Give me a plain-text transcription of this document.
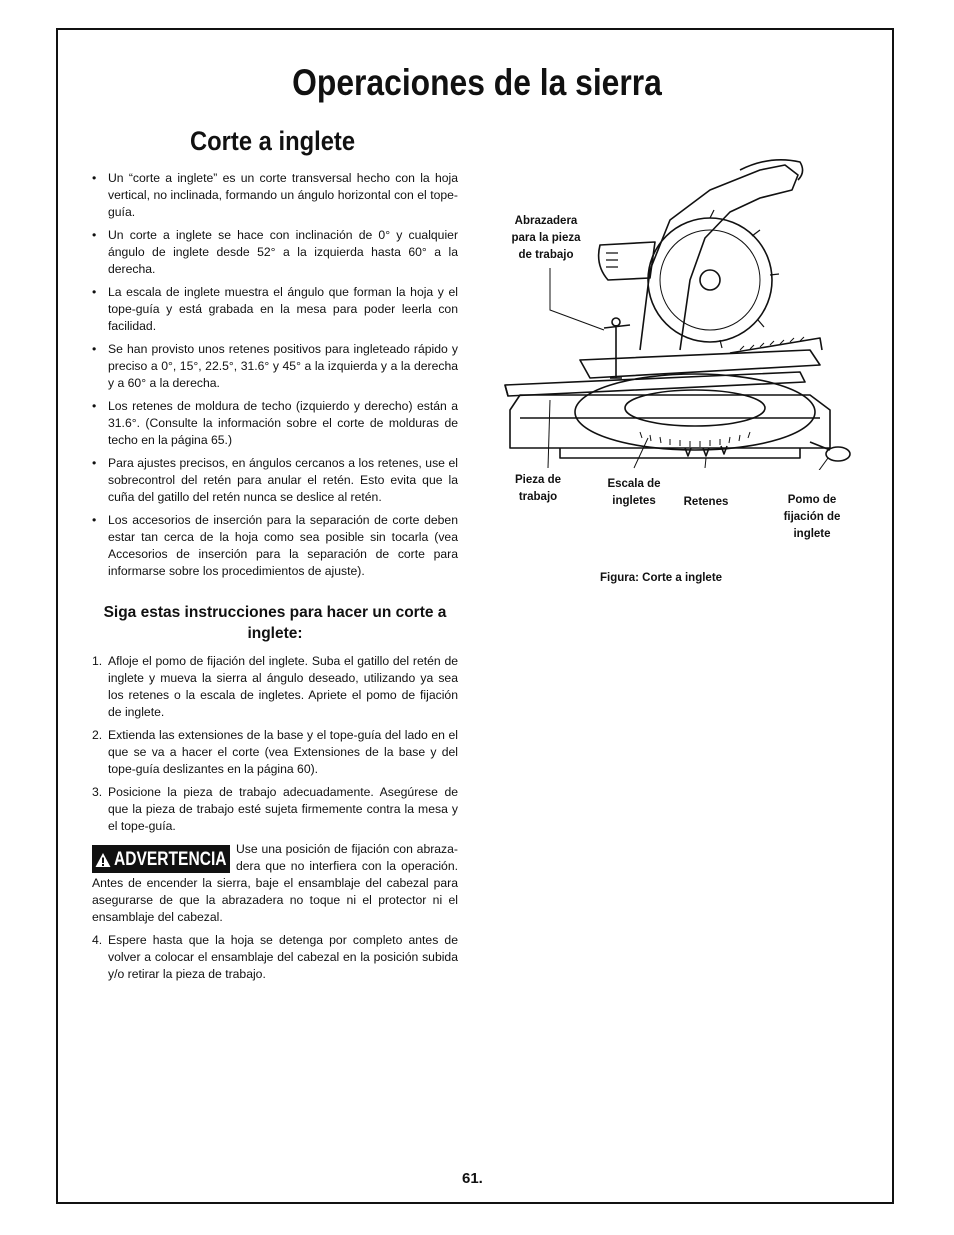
Operaciones de la sierra
Corte a inglete
• Un “corte a inglete” es un corte transversal hecho con la hoja vertical, no inclinada, formando un ángulo horizontal con el tope-guía.
• Un corte a inglete se hace con inclinación de 0° y cualquier ángulo de inglete desde 52° a la izquierda hasta 60° a la derecha.
• La escala de inglete muestra el ángulo que forman la hoja y el tope-guía y está grabada en la mesa para poder leerla con facilidad.
• Se han provisto unos retenes positivos para ingleteado rápido y preciso a 0°, 15°, 22.5°, 31.6° y 45° a la izquierda y a la derecha y a 60° a la derecha.
• Los retenes de moldura de techo (izquierdo y derecho) están a 31.6°. (Consulte la información sobre el corte de molduras de techo en la página 65.)
• Para ajustes precisos, en ángulos cercanos a los retenes, use el sobrecontrol del retén para anular el retén. Esto evita que la cuña del gatillo del retén nunca se deslice al retén.
• Los accesorios de inserción para la separación de corte deben estar tan cerca de la hoja como sea posible sin tocarla (vea Accesorios de inserción para la separación de corte para informarse sobre los procedimientos de ajuste).
Siga estas instrucciones para hacer un corte a inglete:
1. Afloje el pomo de fijación del inglete. Suba el gatillo del retén de inglete y mueva la sierra al ángulo deseado, utilizando ya sea los retenes o la escala de ingletes. Apriete el pomo de fijación de inglete.
2. Extienda las extensiones de la base y el tope-guía del lado en el que se va a hacer el corte (vea Extensiones de la base y del tope-guía deslizantes en la página 60).
3. Posicione la pieza de trabajo adecuadamente. Asegúrese de que la pieza de trabajo esté sujeta firmemente contra la mesa y el tope-guía.
ADVERTENCIA Use una posición de fijación con abraza- dera que no interfiera con la operación. Antes de encender la sierra, baje el ensamblaje del cabezal para asegurarse de que la abrazadera no toque ni el protector ni el ensamblaje del cabezal.
4. Espere hasta que la hoja se detenga por completo antes de volver a colocar el ensamblaje del cabezal en la posición subida y/o retirar la pieza de trabajo.
Abrazadera
para la pieza
de trabajo
Pieza de
trabajo
Escala de
ingletes	Retenes	Pomo de
fijación de
inglete
Figura: Corte a inglete
61.
